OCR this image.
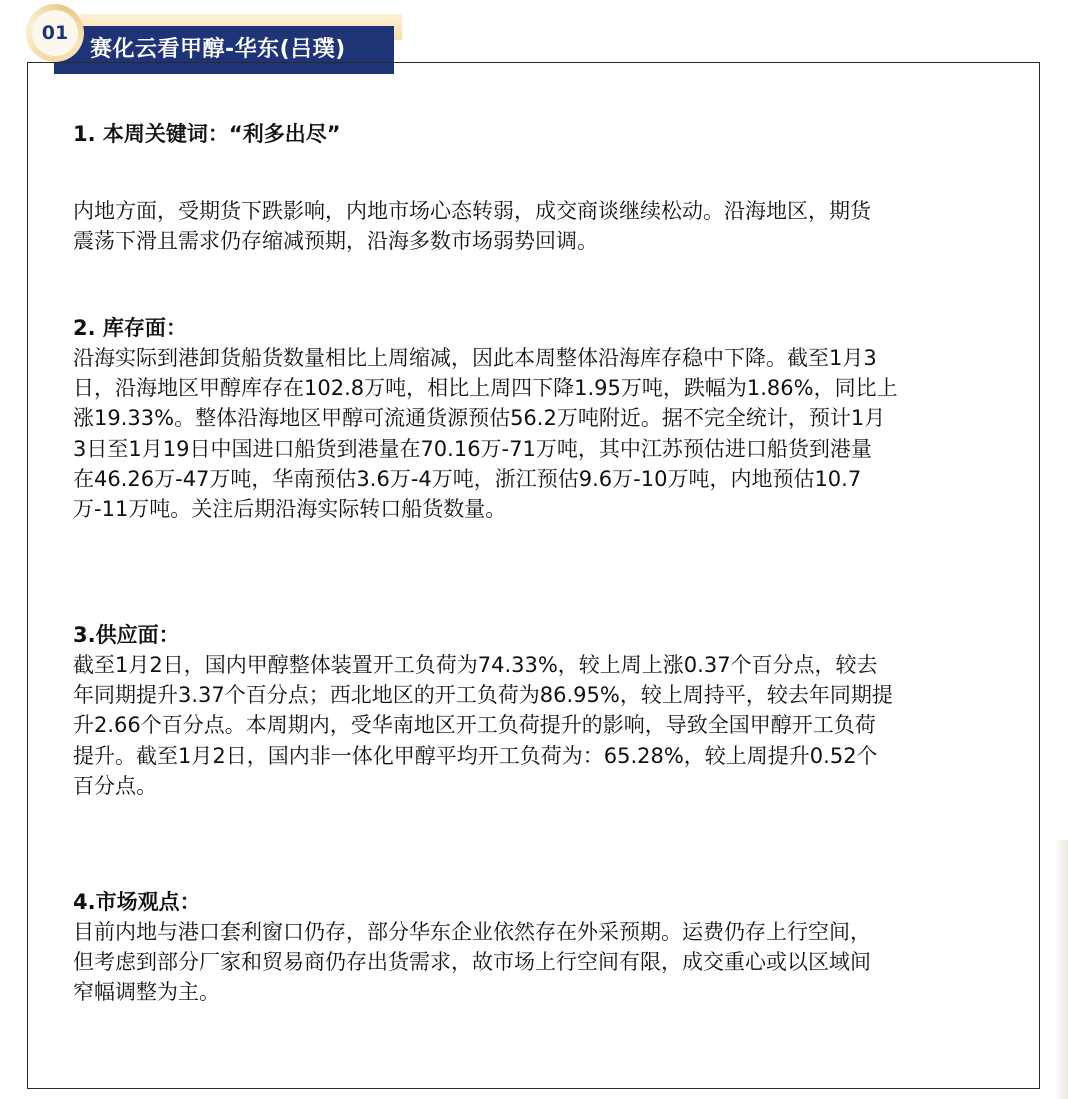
赛化云看甲醇-华东(吕璞)
01

1. 本周关键词：“利多出尽”

内地方面，受期货下跌影响，内地市场心态转弱，成交商谈继续松动。沿海地区，期货
震荡下滑且需求仍存缩减预期，沿海多数市场弱势回调。

2. 库存面：

沿海实际到港卸货船货数量相比上周缩减，因此本周整体沿海库存稳中下降。截至1月3
日，沿海地区甲醇库存在102.8万吨，相比上周四下降1.95万吨，跌幅为1.86%，同比上
涨19.33%。整体沿海地区甲醇可流通货源预估56.2万吨附近。据不完全统计，预计1月
3日至1月19日中国进口船货到港量在70.16万-71万吨，其中江苏预估进口船货到港量
在46.26万-47万吨，华南预估3.6万-4万吨，浙江预估9.6万-10万吨，内地预估10.7
万-11万吨。关注后期沿海实际转口船货数量。

3.供应面：

截至1月2日，国内甲醇整体装置开工负荷为74.33%，较上周上涨0.37个百分点，较去
年同期提升3.37个百分点；西北地区的开工负荷为86.95%，较上周持平，较去年同期提
升2.66个百分点。本周期内，受华南地区开工负荷提升的影响，导致全国甲醇开工负荷
提升。截至1月2日，国内非一体化甲醇平均开工负荷为：65.28%，较上周提升0.52个
百分点。

4.市场观点：

目前内地与港口套利窗口仍存，部分华东企业依然存在外采预期。运费仍存上行空间，
但考虑到部分厂家和贸易商仍存出货需求，故市场上行空间有限，成交重心或以区域间
窄幅调整为主。
